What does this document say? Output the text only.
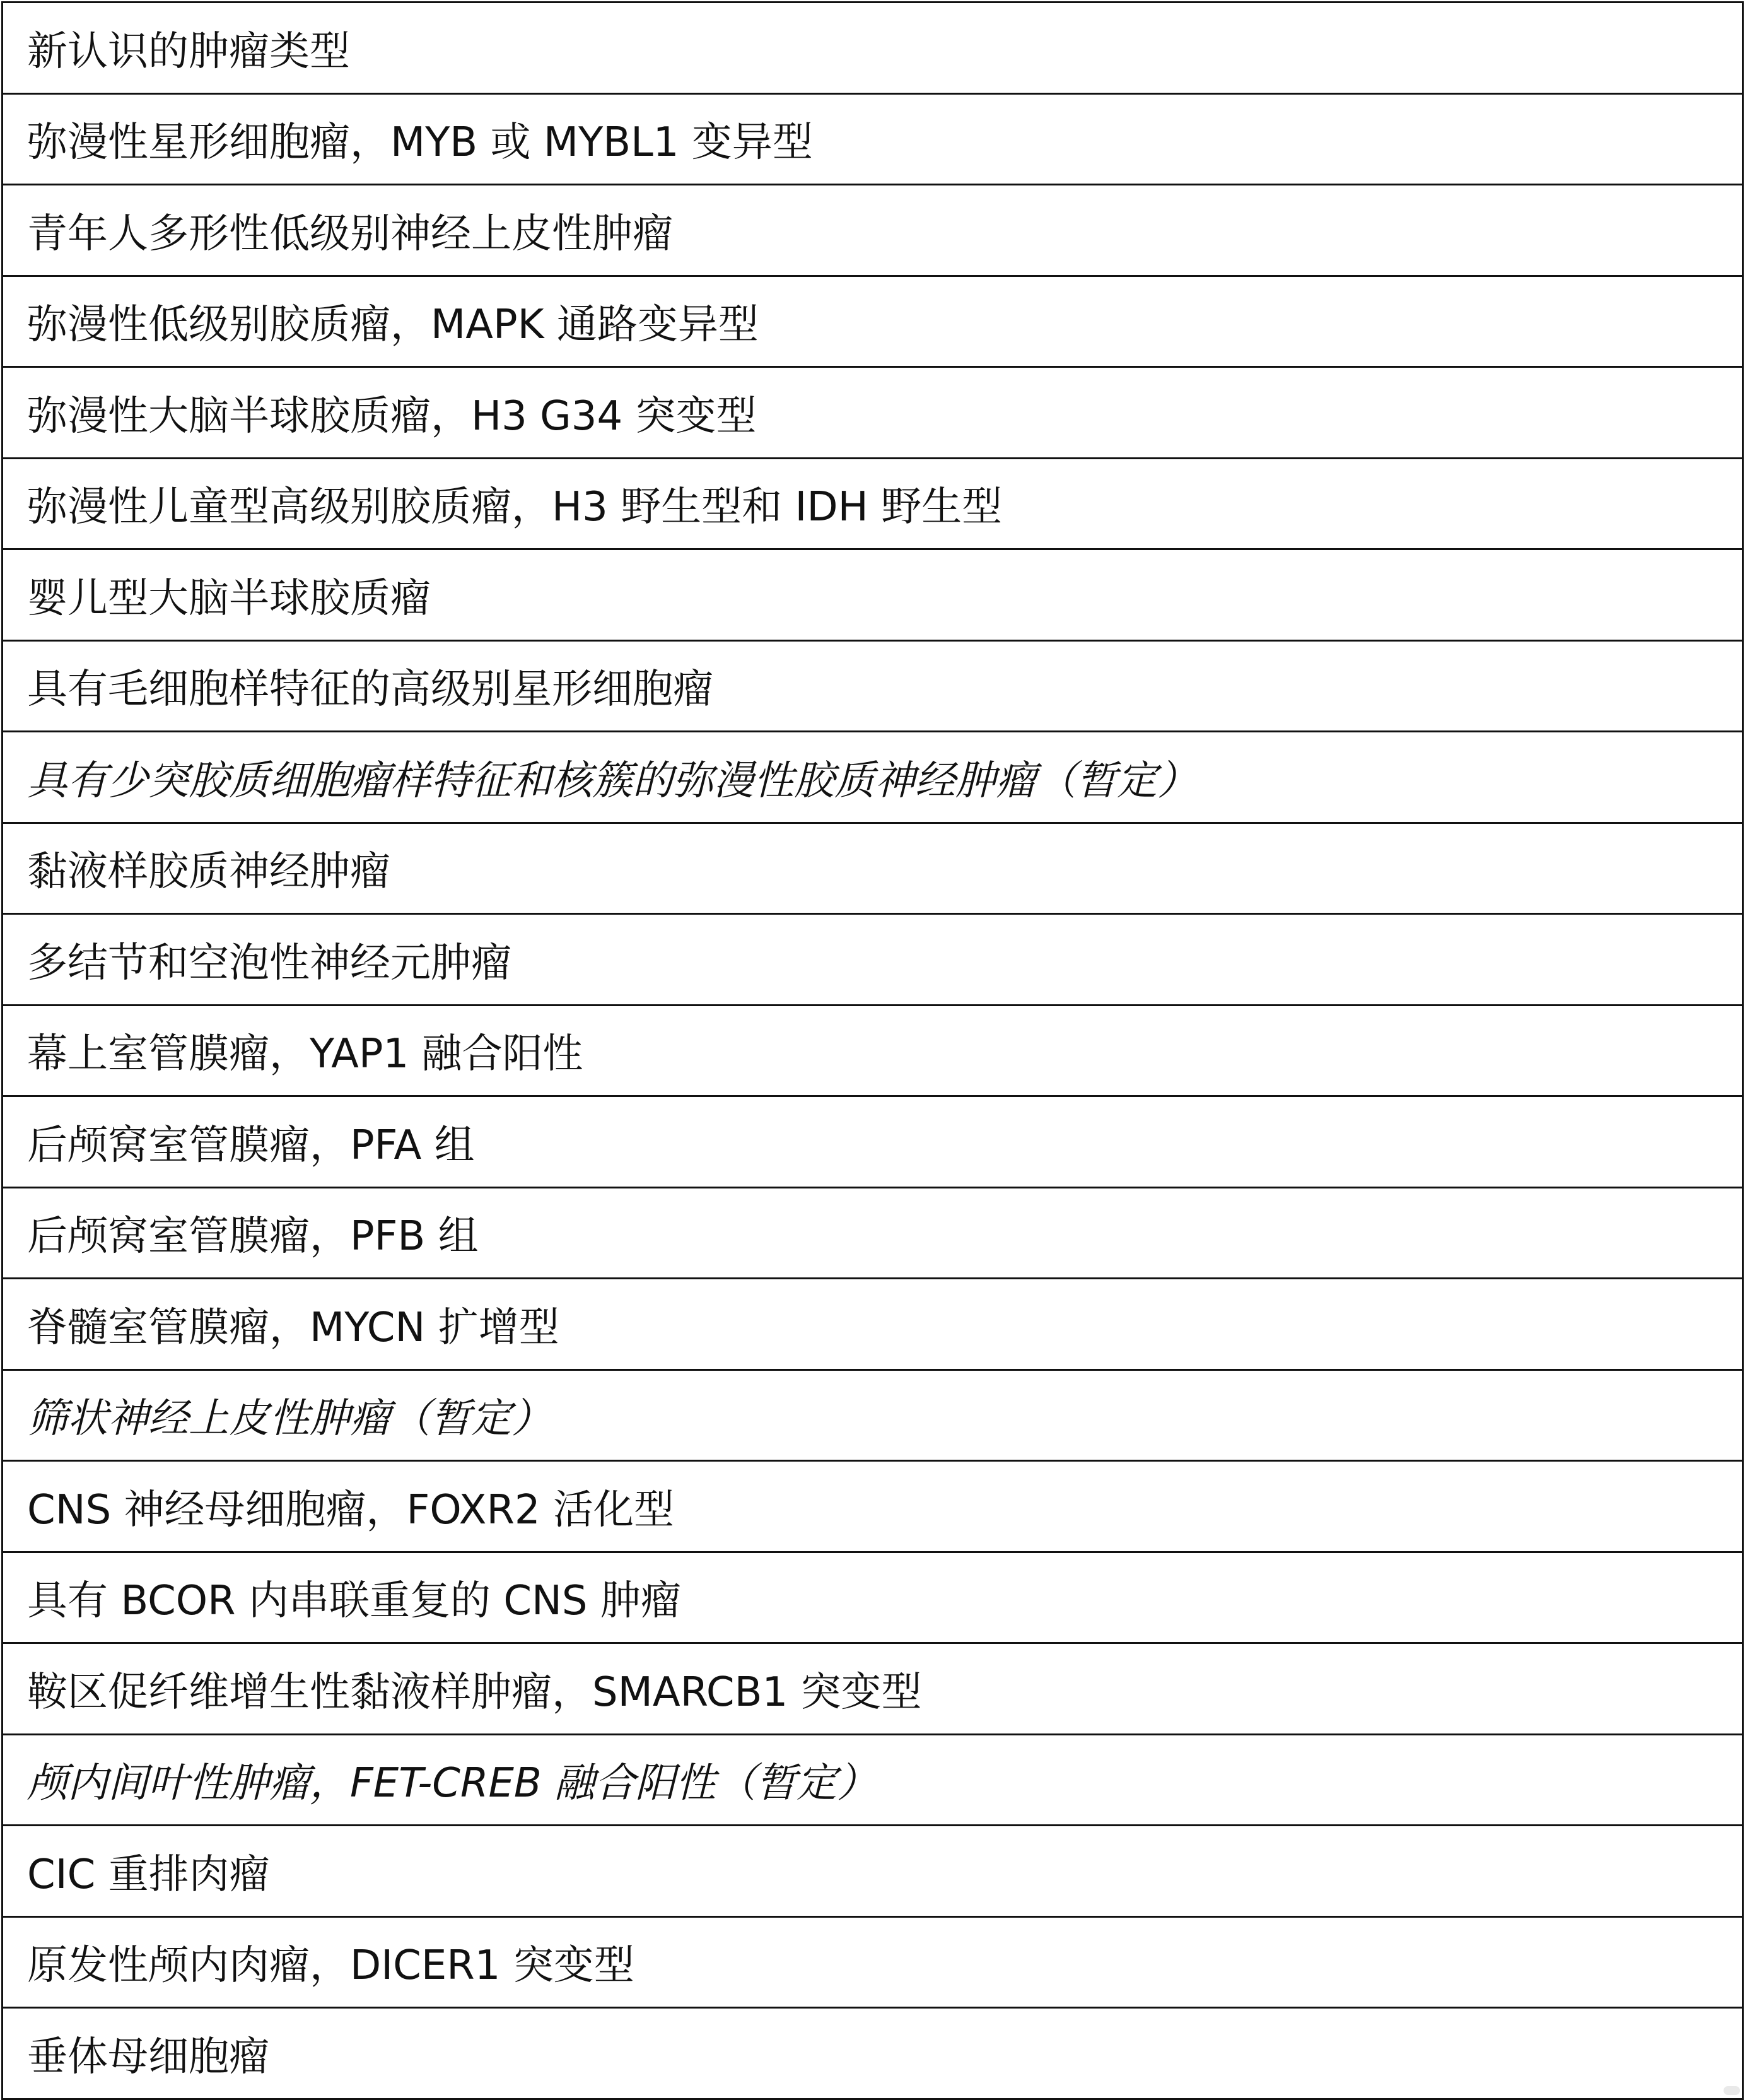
新认识的肿瘤类型
弥漫性星形细胞瘤，MYB 或 MYBL1 变异型
青年人多形性低级别神经上皮性肿瘤
弥漫性低级别胶质瘤，MAPK 通路变异型
弥漫性大脑半球胶质瘤，H3 G34 突变型
弥漫性儿童型高级别胶质瘤，H3 野生型和 IDH 野生型
婴儿型大脑半球胶质瘤
具有毛细胞样特征的高级别星形细胞瘤
具有少突胶质细胞瘤样特征和核簇的弥漫性胶质神经肿瘤（暂定）
黏液样胶质神经肿瘤
多结节和空泡性神经元肿瘤
幕上室管膜瘤，YAP1 融合阳性
后颅窝室管膜瘤，PFA 组
后颅窝室管膜瘤，PFB 组
脊髓室管膜瘤，MYCN 扩增型
筛状神经上皮性肿瘤（暂定）
CNS 神经母细胞瘤，FOXR2 活化型
具有 BCOR 内串联重复的 CNS 肿瘤
鞍区促纤维增生性黏液样肿瘤，SMARCB1 突变型
颅内间叶性肿瘤，FET-CREB 融合阳性（暂定）
CIC 重排肉瘤
原发性颅内肉瘤，DICER1 突变型
垂体母细胞瘤
